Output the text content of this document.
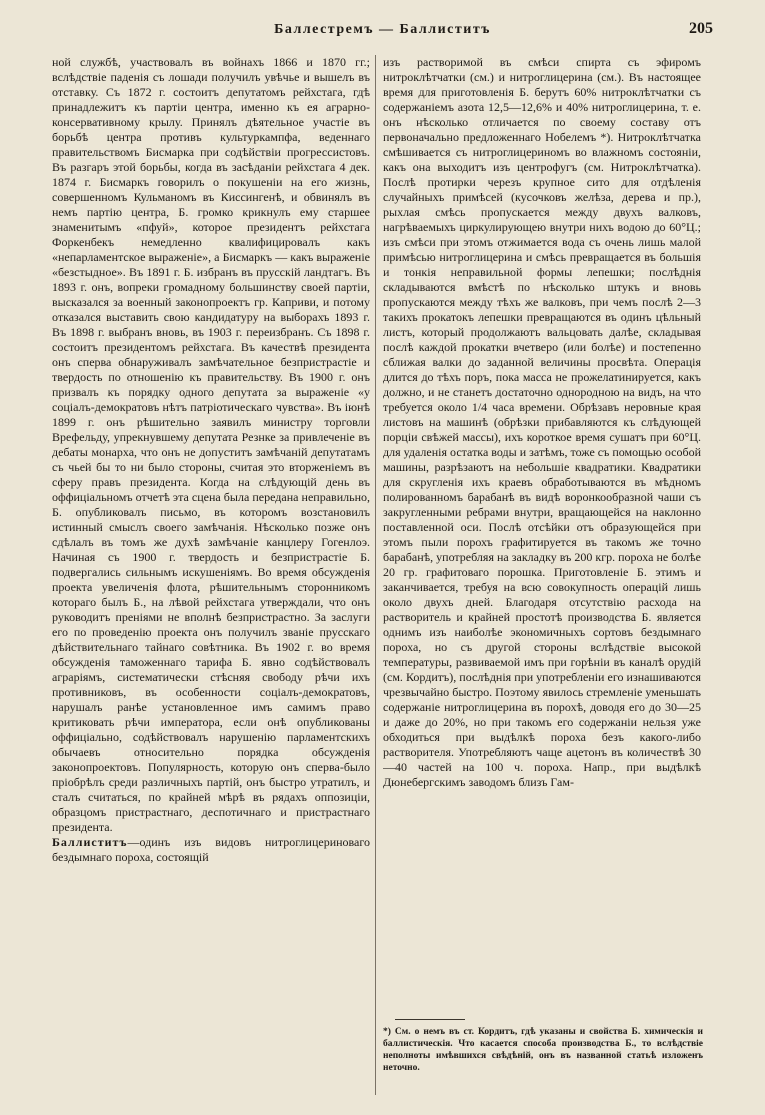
Баллестремъ — Баллиститъ	205

ной службѣ, участвовалъ въ войнахъ 1866 и 1870 гг.; вслѣдствіе паденія съ лошади получилъ увѣчье и вышелъ въ отставку. Съ 1872 г. состоитъ депутатомъ рейхстага, гдѣ принадлежитъ къ партіи центра, именно къ ея аграрно-консервативному крылу. Принялъ дѣятельное участіе въ борьбѣ центра противъ культуркампфа, веденнаго правительствомъ Бисмарка при содѣйствіи прогрессистовъ. Въ разгаръ этой борьбы, когда въ засѣданіи рейхстага 4 дек. 1874 г. Бисмаркъ говорилъ о покушеніи на его жизнь, совершенномъ Кульманомъ въ Киссингенѣ, и обвинялъ въ немъ партію центра, Б. громко крикнулъ ему старшее знаменитымъ «пфуй», которое президентъ рейхстага Форкенбекъ немедленно квалифицировалъ какъ «непарламентское выраженіе», а Бисмаркъ — какъ выраженіе «безстыдное». Въ 1891 г. Б. избранъ въ прусскій ландтагъ. Въ 1893 г. онъ, вопреки громадному большинству своей партіи, высказался за военный законопроектъ гр. Каприви, и потому отказался выставить свою кандидатуру на выборахъ 1893 г. Въ 1898 г. выбранъ вновь, въ 1903 г. переизбранъ. Съ 1898 г. состоитъ президентомъ рейхстага. Въ качествѣ президента онъ сперва обнаруживалъ замѣчательное безпристрастіе и твердость по отношенію къ правительству. Въ 1900 г. онъ призвалъ къ порядку одного депутата за выраженіе «у соціалъ-демократовъ нѣтъ патріотическаго чувства». Въ іюнѣ 1899 г. онъ рѣшительно заявилъ министру торговли Врефельду, упрекнувшему депутата Резнке за привлеченіе въ дебаты монарха, что онъ не допуститъ замѣчаній депутатамъ съ чьей бы то ни было стороны, считая это вторженіемъ въ сферу правъ президента. Когда на слѣдующій день въ оффиціальномъ отчетѣ эта сцена была передана неправильно, Б. опубликовалъ письмо, въ которомъ возстановилъ истинный смыслъ своего замѣчанія. Нѣсколько позже онъ сдѣлалъ въ томъ же духѣ замѣчаніе канцлеру Гогенлоэ. Начиная съ 1900 г. твердость и безпристрастіе Б. подвергались сильнымъ искушеніямъ. Во время обсужденія проекта увеличенія флота, рѣшительнымъ сторонникомъ котораго былъ Б., на лѣвой рейхстага утверждали, что онъ руководитъ преніями не вполнѣ безпристрастно. За заслуги его по проведенію проекта онъ получилъ званіе прусскаго дѣйствительнаго тайнаго совѣтника. Въ 1902 г. во время обсужденія таможеннаго тарифа Б. явно содѣйствовалъ аграріямъ, систематически стѣсняя свободу рѣчи ихъ противниковъ, въ особенности соціалъ-демократовъ, нарушалъ ранѣе установленное имъ самимъ право критиковать рѣчи императора, если онѣ опубликованы оффиціально, содѣйствовалъ нарушенію парламентскихъ обычаевъ относительно порядка обсужденія законопроектовъ. Популярность, которую онъ сперва-было пріобрѣлъ среди различныхъ партій, онъ быстро утратилъ, и сталъ считаться, по крайней мѣрѣ въ рядахъ оппозиціи, образцомъ пристрастнаго, деспотичнаго и пристрастнаго президента.

Баллиститъ—одинъ изъ видовъ нитроглицериноваго бездымнаго пороха, состоящій

изъ растворимой въ смѣси спирта съ эфиромъ нитроклѣтчатки (см.) и нитроглицерина (см.). Въ настоящее время для приготовленія Б. берутъ 60% нитроклѣтчатки съ содержаніемъ азота 12,5—12,6% и 40% нитроглицерина, т. е. онъ нѣсколько отличается по своему составу отъ первоначально предложеннаго Нобелемъ *). Нитроклѣтчатка смѣшивается съ нитроглицериномъ во влажномъ состояніи, какъ она выходитъ изъ центрофугъ (см. Нитроклѣтчатка). Послѣ протирки черезъ крупное сито для отдѣленія случайныхъ примѣсей (кусочковъ желѣза, дерева и пр.), рыхлая смѣсь пропускается между двухъ валковъ, нагрѣваемыхъ циркулирующею внутри нихъ водою до 60°Ц.; изъ смѣси при этомъ отжимается вода съ очень лишь малой примѣсью нитроглицерина и смѣсь превращается въ большія и тонкія неправильной формы лепешки; послѣднія складываются вмѣстѣ по нѣсколько штукъ и вновь пропускаются между тѣхъ же валковъ, при чемъ послѣ 2—3 такихъ прокатокъ лепешки превращаются въ одинъ цѣльный листъ, который продолжаютъ вальцовать далѣе, складывая послѣ каждой прокатки вчетверо (или болѣе) и постепенно сближая валки до заданной величины просвѣта. Операція длится до тѣхъ поръ, пока масса не прожелатинируется, какъ должно, и не станетъ достаточно однородною на видъ, на что требуется около 1/4 часа времени. Обрѣзавъ неровные края листовъ на машинѣ (обрѣзки прибавляются къ слѣдующей порціи свѣжей массы), ихъ короткое время сушатъ при 60°Ц. для удаленія остатка воды и затѣмъ, тоже съ помощью особой машины, разрѣзаютъ на небольшіе квадратики. Квадратики для скругленія ихъ краевъ обработываются въ мѣдномъ полированномъ барабанѣ въ видѣ воронкообразной чаши съ закругленными ребрами внутри, вращающейся на наклонно поставленной оси. Послѣ отсѣйки отъ образующейся при этомъ пыли порохъ графитируется въ такомъ же точно барабанѣ, употребляя на закладку въ 200 кгр. пороха не болѣе 20 гр. графитоваго порошка. Приготовленіе Б. этимъ и заканчивается, требуя на всю совокупность операцій лишь около двухъ дней. Благодаря отсутствію расхода на растворитель и крайней простотѣ производства Б. является однимъ изъ наиболѣе экономичныхъ сортовъ бездымнаго пороха, но съ другой стороны вслѣдствіе высокой температуры, развиваемой имъ при горѣніи въ каналѣ орудій (см. Кордитъ), послѣднія при употребленіи его изнашиваются чрезвычайно быстро. Поэтому явилось стремленіе уменьшать содержаніе нитроглицерина въ порохѣ, доводя его до 30—25 и даже до 20%, но при такомъ его содержаніи нельзя уже обходиться при выдѣлкѣ пороха безъ какого-либо растворителя. Употребляютъ чаще ацетонъ въ количествѣ 30—40 частей на 100 ч. пороха. Напр., при выдѣлкѣ Дюнебергскимъ заводомъ близъ Гам-

*) См. о немъ въ ст. Кордитъ, гдѣ указаны и свойства Б. химическія и баллистическія. Что касается способа производства Б., то вслѣдствіе неполноты имѣвшихся свѣдѣній, онъ въ названной статьѣ изложенъ неточно.
